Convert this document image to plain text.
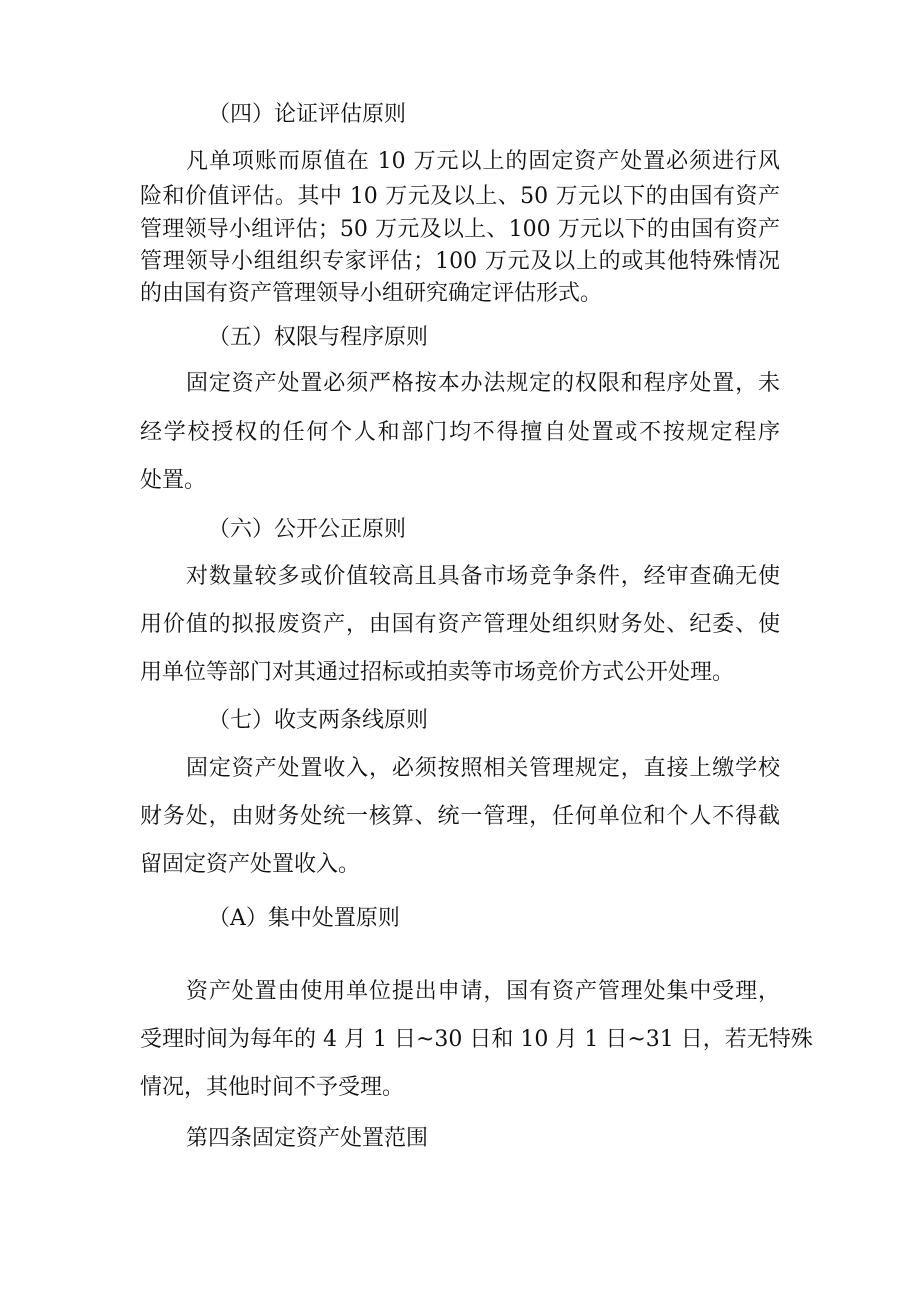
（四）论证评估原则
凡单项账而原值在 10 万元以上的固定资产处置必须进行风
险和价值评估。其中 10 万元及以上、50 万元以下的由国有资产
管理领导小组评估；50 万元及以上、100 万元以下的由国有资产
管理领导小组组织专家评估；100 万元及以上的或其他特殊情况
的由国有资产管理领导小组研究确定评估形式。
（五）权限与程序原则
固定资产处置必须严格按本办法规定的权限和程序处置，未
经学校授权的任何个人和部门均不得擅自处置或不按规定程序
处置。
（六）公开公正原则
对数量较多或价值较高且具备市场竞争条件，经审查确无使
用价值的拟报废资产，由国有资产管理处组织财务处、纪委、使
用单位等部门对其通过招标或拍卖等市场竞价方式公开处理。
（七）收支两条线原则
固定资产处置收入，必须按照相关管理规定，直接上缴学校
财务处，由财务处统一核算、统一管理，任何单位和个人不得截
留固定资产处置收入。
（A）集中处置原则
资产处置由使用单位提出申请，国有资产管理处集中受理，
受理时间为每年的 4 月 1 日~30 日和 10 月 1 日~31 日，若无特殊
情况，其他时间不予受理。
第四条固定资产处置范围
